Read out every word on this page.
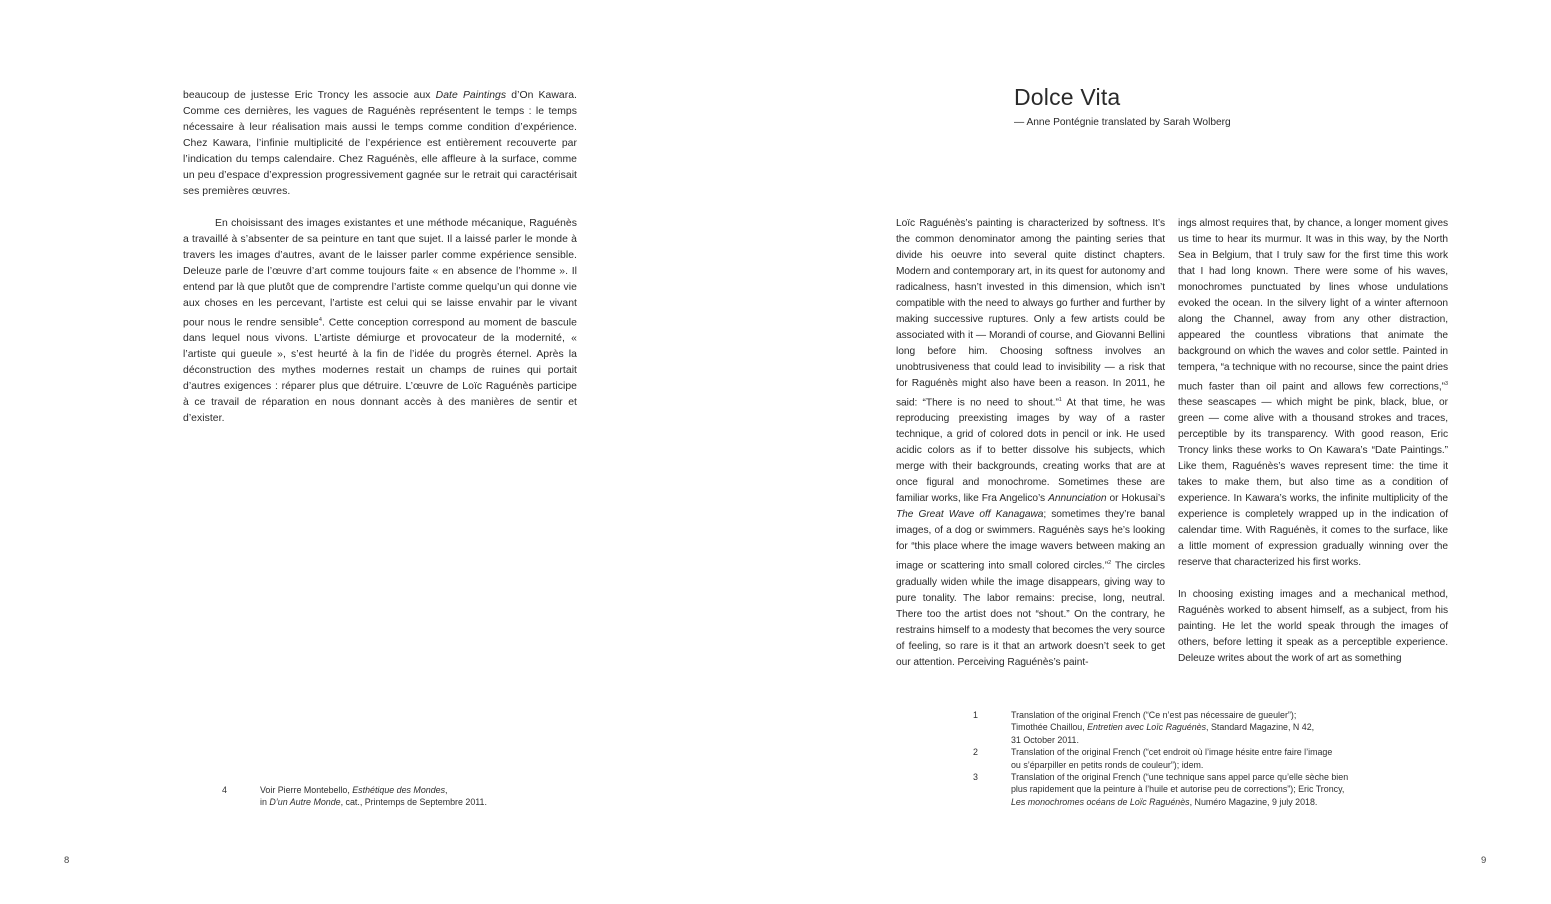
beaucoup de justesse Eric Troncy les associe aux Date Paintings d’On Kawara. Comme ces dernières, les vagues de Raguénès représentent le temps : le temps nécessaire à leur réalisation mais aussi le temps comme condition d’expérience. Chez Kawara, l’infinie multiplicité de l’expérience est entièrement recouverte par l’indication du temps calendaire. Chez Raguénès, elle affleure à la surface, comme un peu d’espace d’expression progressivement gagnée sur le retrait qui caractérisait ses premières œuvres.

En choisissant des images existantes et une méthode mécanique, Raguénès a travaillé à s’absenter de sa peinture en tant que sujet. Il a laissé parler le monde à travers les images d’autres, avant de le laisser parler comme expérience sensible. Deleuze parle de l’œuvre d’art comme toujours faite « en absence de l’homme ». Il entend par là que plutôt que de comprendre l’artiste comme quelqu’un qui donne vie aux choses en les percevant, l’artiste est celui qui se laisse envahir par le vivant pour nous le rendre sensible$^4$. Cette conception correspond au moment de bascule dans lequel nous vivons. L’artiste démiurge et provocateur de la modernité, « l’artiste qui gueule », s’est heurté à la fin de l’idée du progrès éternel. Après la déconstruction des mythes modernes restait un champs de ruines qui portait d’autres exigences : réparer plus que détruire. L’œuvre de Loïc Raguénès participe à ce travail de réparation en nous donnant accès à des manières de sentir et d’exister.

4	Voir Pierre Montebello, Esthétique des Mondes,
in D’un Autre Monde, cat., Printemps de Septembre 2011.
8
Dolce Vita

— Anne Pontégnie translated by Sarah Wolberg

Loïc Raguénès’s painting is characterized by softness. It’s the common denominator among the painting series that divide his oeuvre into several quite distinct chapters. Modern and contemporary art, in its quest for autonomy and radicalness, hasn’t invested in this dimension, which isn’t compatible with the need to always go further and further by making successive ruptures. Only a few artists could be associated with it — Morandi of course, and Giovanni Bellini long before him. Choosing softness involves an unobtrusiveness that could lead to invisibility — a risk that for Raguénès might also have been a reason. In 2011, he said: “There is no need to shout.”$^1$ At that time, he was reproducing preexisting images by way of a raster technique, a grid of colored dots in pencil or ink. He used acidic colors as if to better dissolve his subjects, which merge with their backgrounds, creating works that are at once figural and monochrome. Sometimes these are familiar works, like Fra Angelico’s Annunciation or Hokusai’s The Great Wave off Kanagawa; sometimes they’re banal images, of a dog or swimmers. Raguénès says he’s looking for “this place where the image wavers between making an image or scattering into small colored circles.”$^2$ The circles gradually widen while the image disappears, giving way to pure tonality. The labor remains: precise, long, neutral. There too the artist does not “shout.” On the contrary, he restrains himself to a modesty that becomes the very source of feeling, so rare is it that an artwork doesn’t seek to get our attention. Perceiving Raguénès’s paint-

ings almost requires that, by chance, a longer moment gives us time to hear its murmur. It was in this way, by the North Sea in Belgium, that I truly saw for the first time this work that I had long known. There were some of his waves, monochromes punctuated by lines whose undulations evoked the ocean. In the silvery light of a winter afternoon along the Channel, away from any other distraction, appeared the countless vibrations that animate the background on which the waves and color settle. Painted in tempera, “a technique with no recourse, since the paint dries much faster than oil paint and allows few corrections,”$^3$ these seascapes — which might be pink, black, blue, or green — come alive with a thousand strokes and traces, perceptible by its transparency. With good reason, Eric Troncy links these works to On Kawara’s “Date Paintings.” Like them, Raguénès’s waves represent time: the time it takes to make them, but also time as a condition of experience. In Kawara’s works, the infinite multiplicity of the experience is completely wrapped up in the indication of calendar time. With Raguénès, it comes to the surface, like a little moment of expression gradually winning over the reserve that characterized his first works.

In choosing existing images and a mechanical method, Raguénès worked to absent himself, as a subject, from his painting. He let the world speak through the images of others, before letting it speak as a perceptible experience. Deleuze writes about the work of art as something

1	Translation of the original French (“Ce n’est pas nécessaire de gueuler”);
Timothée Chaillou, Entretien avec Loïc Raguénès, Standard Magazine, N 42,
31 October 2011.
2	Translation of the original French (“cet endroit où l’image hésite entre faire l’image
ou s’éparpiller en petits ronds de couleur”); idem.
3	Translation of the original French (“une technique sans appel parce qu’elle sèche bien
plus rapidement que la peinture à l’huile et autorise peu de corrections”); Eric Troncy,
Les monochromes océans de Loïc Raguénès, Numéro Magazine, 9 july 2018.
9
